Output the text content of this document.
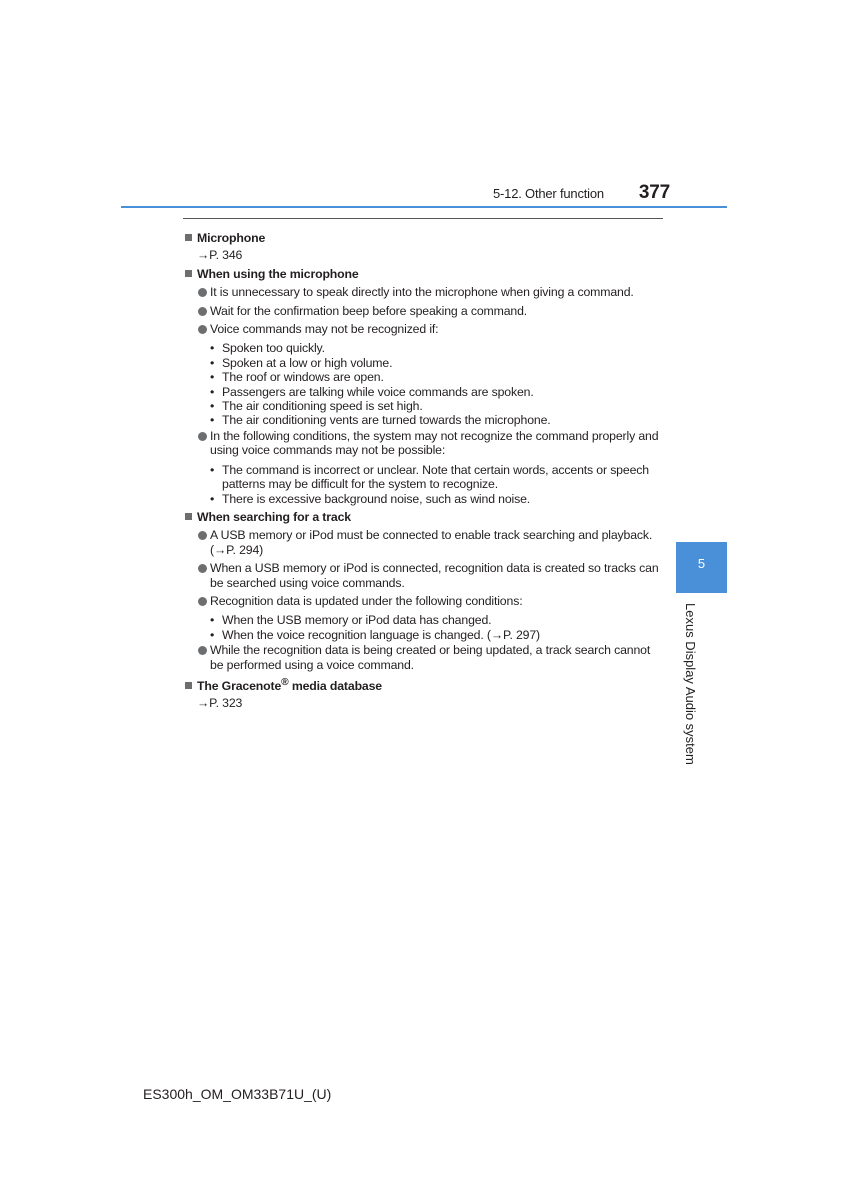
5-12. Other function 377
Microphone
→P. 346
When using the microphone
It is unnecessary to speak directly into the microphone when giving a command.
Wait for the confirmation beep before speaking a command.
Voice commands may not be recognized if:
• Spoken too quickly.
• Spoken at a low or high volume.
• The roof or windows are open.
• Passengers are talking while voice commands are spoken.
• The air conditioning speed is set high.
• The air conditioning vents are turned towards the microphone.
In the following conditions, the system may not recognize the command properly and using voice commands may not be possible:
• The command is incorrect or unclear. Note that certain words, accents or speech patterns may be difficult for the system to recognize.
• There is excessive background noise, such as wind noise.
When searching for a track
A USB memory or iPod must be connected to enable track searching and playback. (→P. 294)
When a USB memory or iPod is connected, recognition data is created so tracks can be searched using voice commands.
Recognition data is updated under the following conditions:
• When the USB memory or iPod data has changed.
• When the voice recognition language is changed. (→P. 297)
While the recognition data is being created or being updated, a track search cannot be performed using a voice command.
The Gracenote® media database
→P. 323
5
Lexus Display Audio system
ES300h_OM_OM33B71U_(U)
